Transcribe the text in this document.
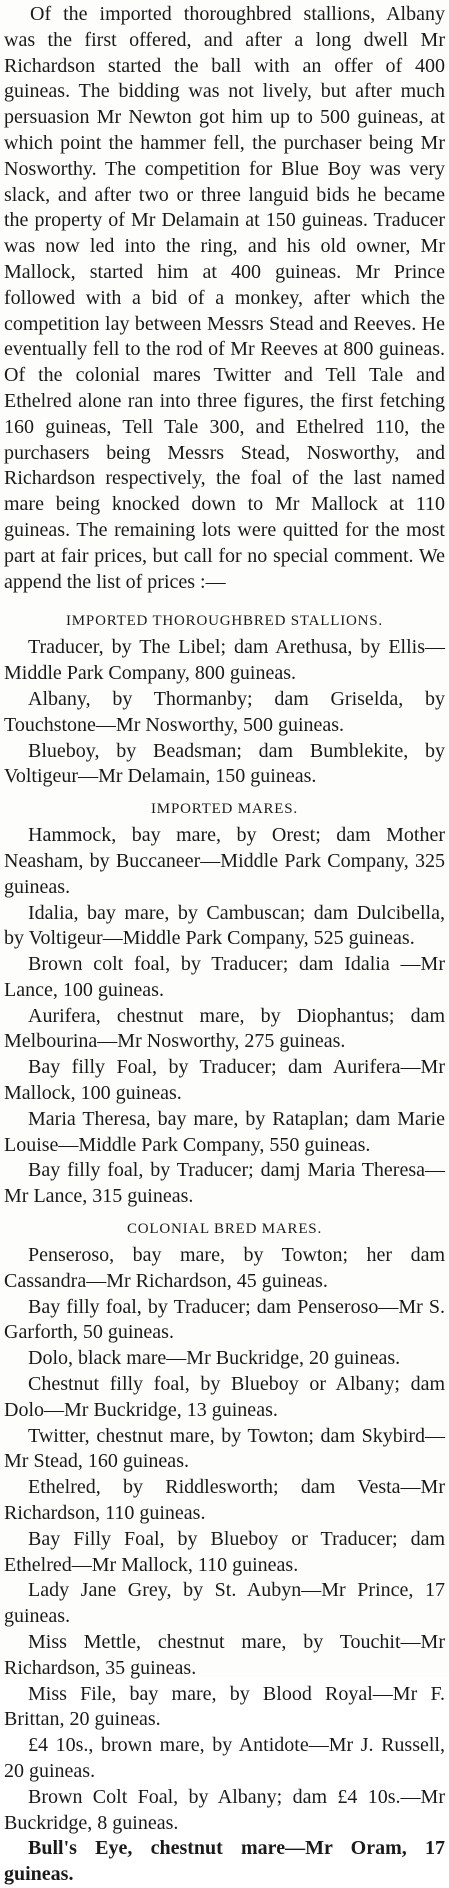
Of the imported thoroughbred stallions, Albany was the first offered, and after a long dwell Mr Richardson started the ball with an offer of 400 guineas. The bidding was not lively, but after much persuasion Mr Newton got him up to 500 guineas, at which point the hammer fell, the purchaser being Mr Nosworthy. The competition for Blue Boy was very slack, and after two or three languid bids he became the property of Mr Delamain at 150 guineas. Traducer was now led into the ring, and his old owner, Mr Mallock, started him at 400 guineas. Mr Prince followed with a bid of a monkey, after which the competition lay between Messrs Stead and Reeves. He eventually fell to the rod of Mr Reeves at 800 guineas. Of the colonial mares Twitter and Tell Tale and Ethelred alone ran into three figures, the first fetching 160 guineas, Tell Tale 300, and Ethelred 110, the purchasers being Messrs Stead, Nosworthy, and Richardson respectively, the foal of the last named mare being knocked down to Mr Mallock at 110 guineas. The remaining lots were quitted for the most part at fair prices, but call for no special comment. We append the list of prices :—

IMPORTED THOROUGHBRED STALLIONS.

Traducer, by The Libel; dam Arethusa, by Ellis—Middle Park Company, 800 guineas.

Albany, by Thormanby; dam Griselda, by Touchstone—Mr Nosworthy, 500 guineas.

Blueboy, by Beadsman; dam Bumblekite, by Voltigeur—Mr Delamain, 150 guineas.

IMPORTED MARES.

Hammock, bay mare, by Orest; dam Mother Neasham, by Buccaneer—Middle Park Company, 325 guineas.

Idalia, bay mare, by Cambuscan; dam Dulcibella, by Voltigeur—Middle Park Company, 525 guineas.

Brown colt foal, by Traducer; dam Idalia —Mr Lance, 100 guineas.

Aurifera, chestnut mare, by Diophantus; dam Melbourina—Mr Nosworthy, 275 guineas.

Bay filly Foal, by Traducer; dam Aurifera—Mr Mallock, 100 guineas.

Maria Theresa, bay mare, by Rataplan; dam Marie Louise—Middle Park Company, 550 guineas.

Bay filly foal, by Traducer; damj Maria Theresa—Mr Lance, 315 guineas.

COLONIAL BRED MARES.

Penseroso, bay mare, by Towton; her dam Cassandra—Mr Richardson, 45 guineas.

Bay filly foal, by Traducer; dam Penseroso—Mr S. Garforth, 50 guineas.

Dolo, black mare—Mr Buckridge, 20 guineas.

Chestnut filly foal, by Blueboy or Albany; dam Dolo—Mr Buckridge, 13 guineas.

Twitter, chestnut mare, by Towton; dam Skybird—Mr Stead, 160 guineas.

Ethelred, by Riddlesworth; dam Vesta—Mr Richardson, 110 guineas.

Bay Filly Foal, by Blueboy or Traducer; dam Ethelred—Mr Mallock, 110 guineas.

Lady Jane Grey, by St. Aubyn—Mr Prince, 17 guineas.

Miss Mettle, chestnut mare, by Touchit—Mr Richardson, 35 guineas.

Miss File, bay mare, by Blood Royal—Mr F. Brittan, 20 guineas.

£4 10s., brown mare, by Antidote—Mr J. Russell, 20 guineas.

Brown Colt Foal, by Albany; dam £4 10s.—Mr Buckridge, 8 guineas.

Bull's Eye, chestnut mare—Mr Oram, 17 guineas.
